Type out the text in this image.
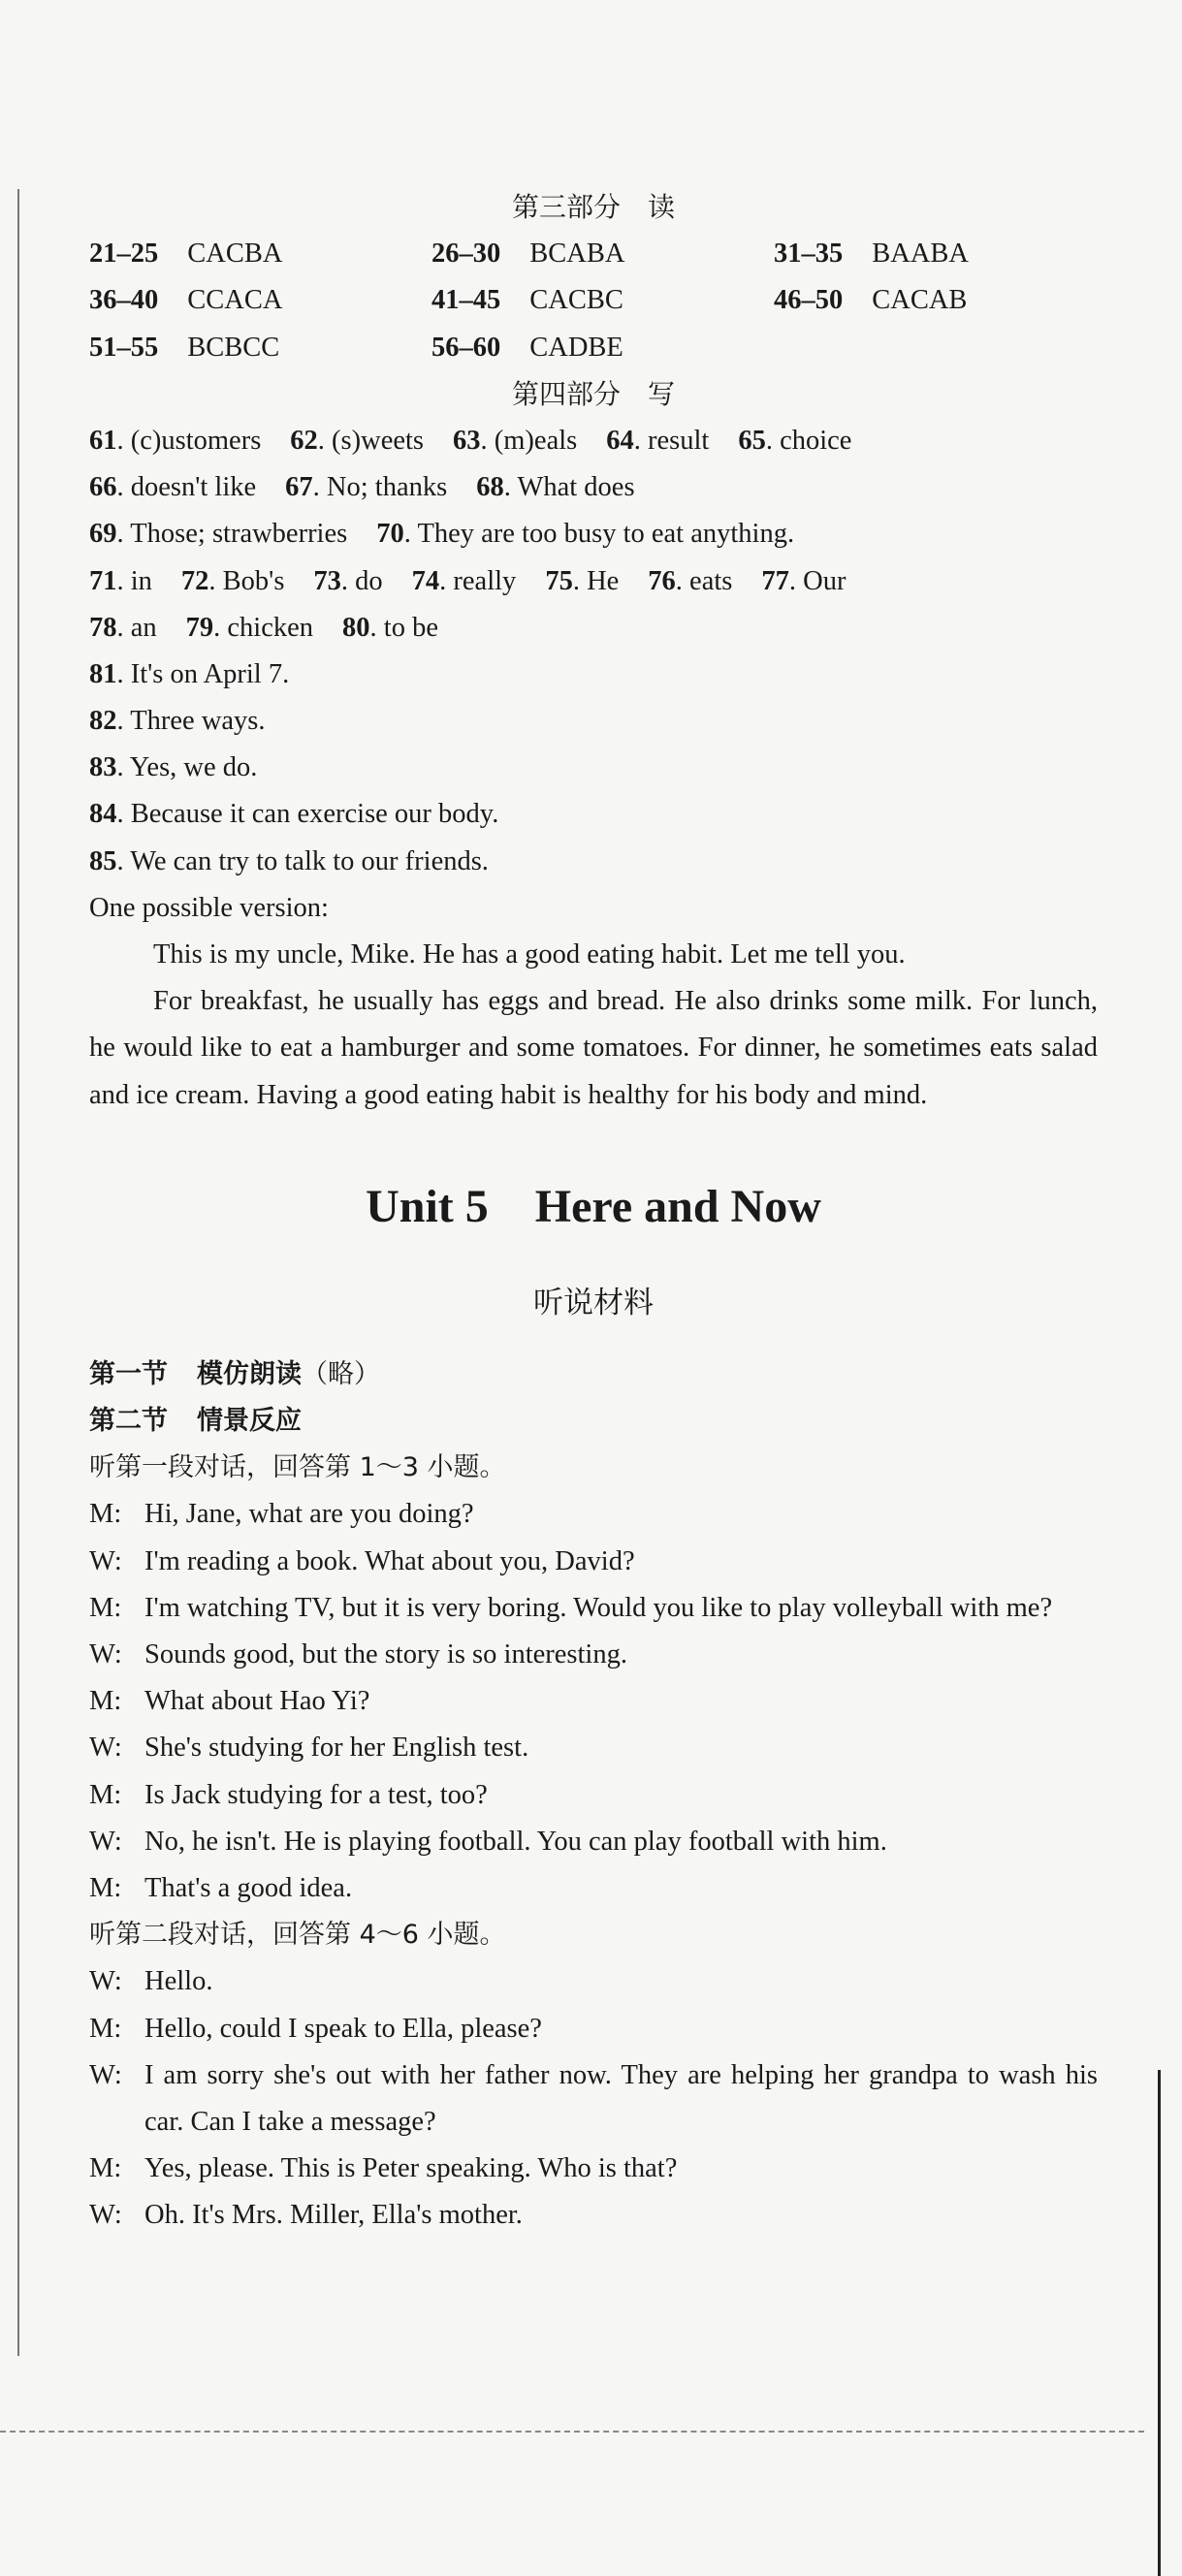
第三部分　读
21–25 CACBA	26–30 BCABA	31–35 BAABA
36–40 CCACA	41–45 CACBC	46–50 CACAB
51–55 BCBCC	56–60 CADBE
第四部分　写
61. (c)ustomers 62. (s)weets 63. (m)eals 64. result 65. choice
66. doesn't like 67. No; thanks 68. What does
69. Those; strawberries 70. They are too busy to eat anything.
71. in 72. Bob's 73. do 74. really 75. He 76. eats 77. Our
78. an 79. chicken 80. to be
81. It's on April 7.
82. Three ways.
83. Yes, we do.
84. Because it can exercise our body.
85. We can try to talk to our friends.
One possible version:
This is my uncle, Mike. He has a good eating habit. Let me tell you.
For breakfast, he usually has eggs and bread. He also drinks some milk. For lunch, he would like to eat a hamburger and some tomatoes. For dinner, he sometimes eats salad and ice cream. Having a good eating habit is healthy for his body and mind.
Unit 5　Here and Now
听说材料
第一节 模仿朗读（略）
第二节 情景反应
听第一段对话，回答第 1～3 小题。
M: Hi, Jane, what are you doing?
W: I'm reading a book. What about you, David?
M: I'm watching TV, but it is very boring. Would you like to play volleyball with me?
W: Sounds good, but the story is so interesting.
M: What about Hao Yi?
W: She's studying for her English test.
M: Is Jack studying for a test, too?
W: No, he isn't. He is playing football. You can play football with him.
M: That's a good idea.
听第二段对话，回答第 4～6 小题。
W: Hello.
M: Hello, could I speak to Ella, please?
W: I am sorry she's out with her father now. They are helping her grandpa to wash his car. Can I take a message?
M: Yes, please. This is Peter speaking. Who is that?
W: Oh. It's Mrs. Miller, Ella's mother.
